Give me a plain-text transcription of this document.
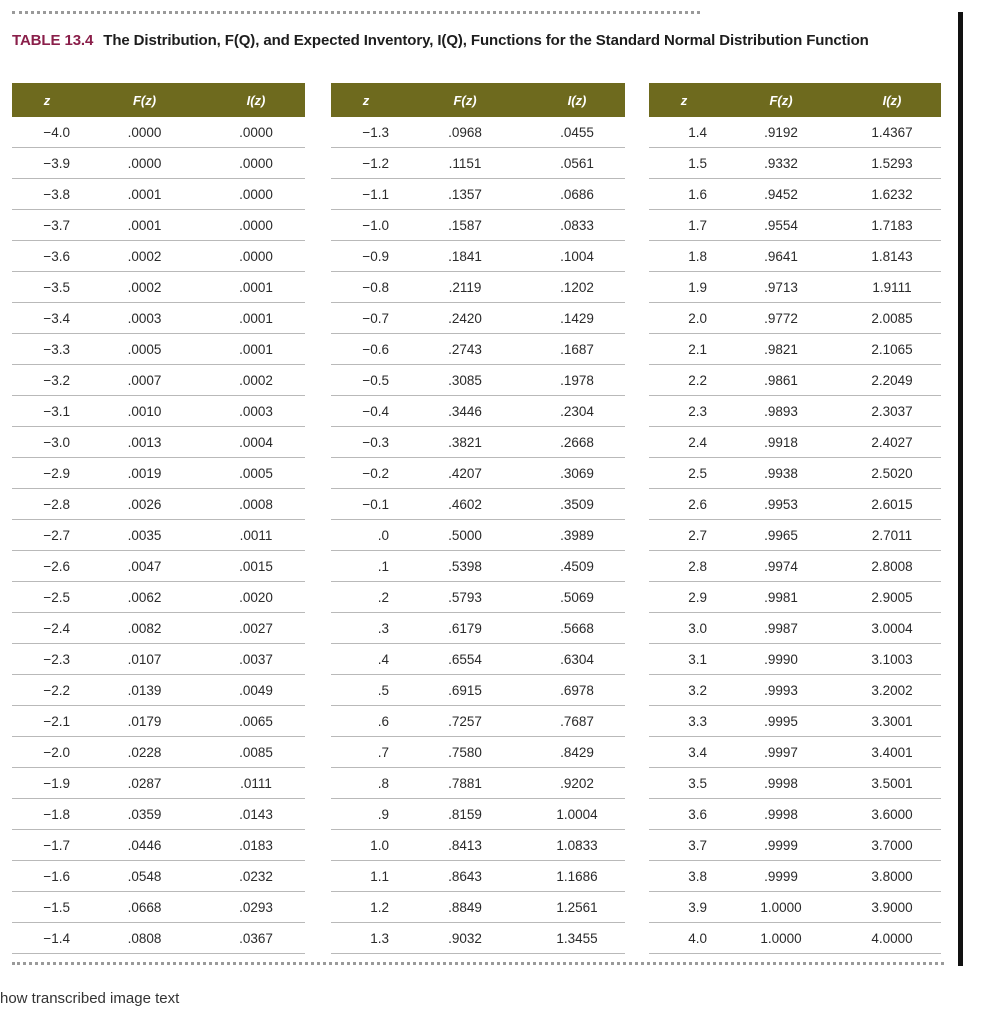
TABLE 13.4 The Distribution, F(Q), and Expected Inventory, I(Q), Functions for the Standard Normal Distribution Function
z	F(z)	I(z)
−4.0	.0000	.0000
−3.9	.0000	.0000
−3.8	.0001	.0000
−3.7	.0001	.0000
−3.6	.0002	.0000
−3.5	.0002	.0001
−3.4	.0003	.0001
−3.3	.0005	.0001
−3.2	.0007	.0002
−3.1	.0010	.0003
−3.0	.0013	.0004
−2.9	.0019	.0005
−2.8	.0026	.0008
−2.7	.0035	.0011
−2.6	.0047	.0015
−2.5	.0062	.0020
−2.4	.0082	.0027
−2.3	.0107	.0037
−2.2	.0139	.0049
−2.1	.0179	.0065
−2.0	.0228	.0085
−1.9	.0287	.0111
−1.8	.0359	.0143
−1.7	.0446	.0183
−1.6	.0548	.0232
−1.5	.0668	.0293
−1.4	.0808	.0367
z	F(z)	I(z)
−1.3	.0968	.0455
−1.2	.1151	.0561
−1.1	.1357	.0686
−1.0	.1587	.0833
−0.9	.1841	.1004
−0.8	.2119	.1202
−0.7	.2420	.1429
−0.6	.2743	.1687
−0.5	.3085	.1978
−0.4	.3446	.2304
−0.3	.3821	.2668
−0.2	.4207	.3069
−0.1	.4602	.3509
.0	.5000	.3989
.1	.5398	.4509
.2	.5793	.5069
.3	.6179	.5668
.4	.6554	.6304
.5	.6915	.6978
.6	.7257	.7687
.7	.7580	.8429
.8	.7881	.9202
.9	.8159	1.0004
1.0	.8413	1.0833
1.1	.8643	1.1686
1.2	.8849	1.2561
1.3	.9032	1.3455
z	F(z)	I(z)
1.4	.9192	1.4367
1.5	.9332	1.5293
1.6	.9452	1.6232
1.7	.9554	1.7183
1.8	.9641	1.8143
1.9	.9713	1.9111
2.0	.9772	2.0085
2.1	.9821	2.1065
2.2	.9861	2.2049
2.3	.9893	2.3037
2.4	.9918	2.4027
2.5	.9938	2.5020
2.6	.9953	2.6015
2.7	.9965	2.7011
2.8	.9974	2.8008
2.9	.9981	2.9005
3.0	.9987	3.0004
3.1	.9990	3.1003
3.2	.9993	3.2002
3.3	.9995	3.3001
3.4	.9997	3.4001
3.5	.9998	3.5001
3.6	.9998	3.6000
3.7	.9999	3.7000
3.8	.9999	3.8000
3.9	1.0000	3.9000
4.0	1.0000	4.0000
how transcribed image text
